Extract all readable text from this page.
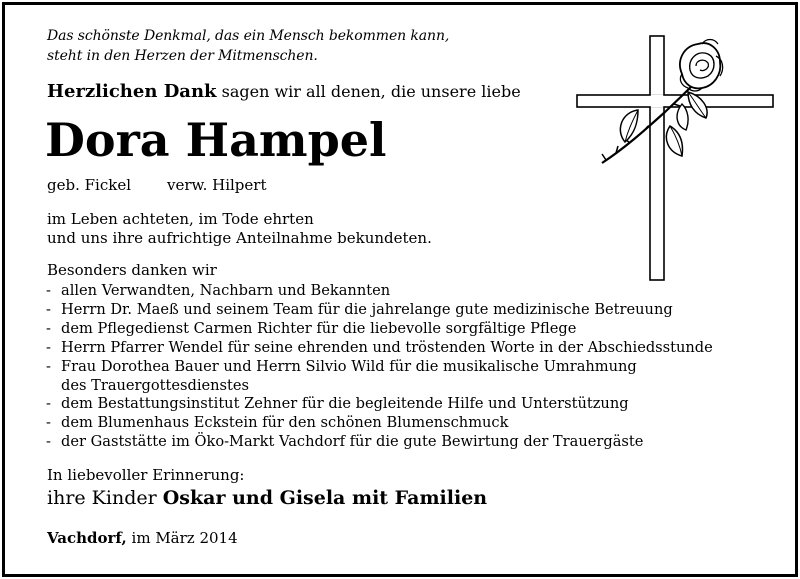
Das schönste Denkmal, das ein Mensch bekommen kann,
steht in den Herzen der Mitmenschen.
Herzlichen Dank sagen wir all denen, die unsere liebe
Dora Hampel
geb. Fickel verw. Hilpert
im Leben achteten, im Tode ehrten
und uns ihre aufrichtige Anteilnahme bekundeten.
Besonders danken wir
- allen Verwandten, Nachbarn und Bekannten
- Herrn Dr. Maeß und seinem Team für die jahrelange gute medizinische Betreuung
- dem Pflegedienst Carmen Richter für die liebevolle sorgfältige Pflege
- Herrn Pfarrer Wendel für seine ehrenden und tröstenden Worte in der Abschiedsstunde
- Frau Dorothea Bauer und Herrn Silvio Wild für die musikalische Umrahmung
des Trauergottesdienstes
- dem Bestattungsinstitut Zehner für die begleitende Hilfe und Unterstützung
- dem Blumenhaus Eckstein für den schönen Blumenschmuck
- der Gaststätte im Öko-Markt Vachdorf für die gute Bewirtung der Trauergäste
In liebevoller Erinnerung:
ihre Kinder Oskar und Gisela mit Familien
Vachdorf, im März 2014
